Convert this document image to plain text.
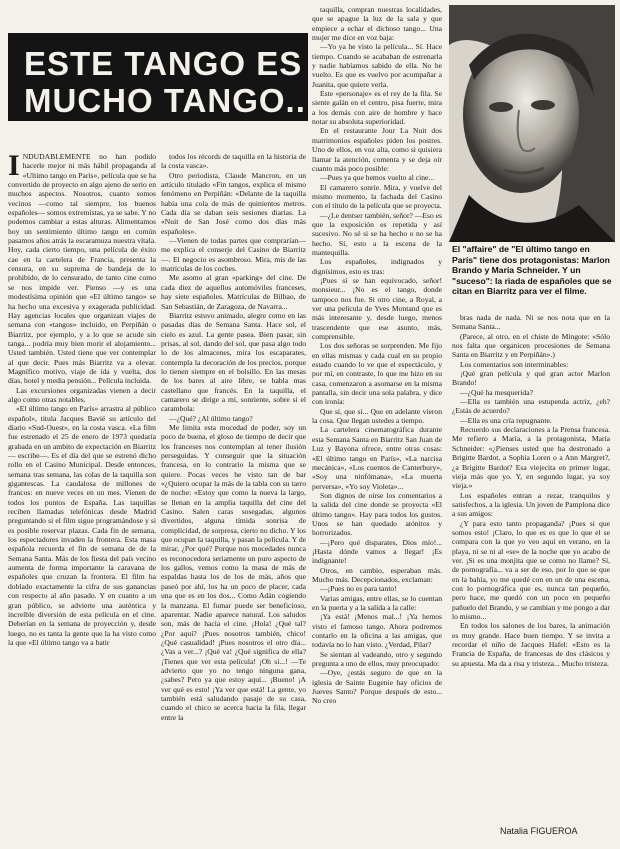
ESTE TANGO ES
MUCHO TANGO...

INDUDABLEMENTE no han podido hacerle mejor ni más hábil propaganda al «Ultimo tango en París», película que se ha convertido de proyecto en algo ajeno de serio en muchos aspectos. Nosotros, cuanto somos vecinos —como tal siempre, los buenos españoles— somos extremistas, ya se sabe. Y no podemos cambiar a estas alturas. Alimentamos hoy un sentimiento último tango en común pasamos años atrás la escaramuza nuestra vítala. Hoy, cada cierto tiempo, una película de éxito cae en la cartelera de Francia, presenta la censura, en su suprema de bandeja de lo prohibido, de lo censurado, de tanto cine como se nos impide ver. Pienso —y es una modestísima opinión que «El último tango» se ha hecho una excesiva y exagerada publicidad. Hay agencias locales que organizan viajes de semana con «tangos» incluido, en Perpiñán o Biarritz, por ejemplo, y a lo que se acude sin tanga... podría muy bien morir el alojamiento... Usted también. Usted tiene que ver contemplar al que decir. Pues más Biarritz va a elevar. Magnífico motivo, viaje de ida y vuelta, dos días, hotel y media pensión... Película incluida.

Las excursiones organizadas vienen a decir algo como otras notables.

«El último tango en París» arrastra al público español», titula Jacques Bavié su artículo del diario «Sud-Ouest», en la costa vasca. «La film fue estrenado el 25 de enero de 1973 quedaría grabada en un ambito de expectación en Biarritz — escribe—. Es el día del que se estrenó dicho rollo en el Casino Municipal. Desde entonces, semana tras semana, las colas de la taquilla son gigantescas. La caudalosa de millones de francos: en nueve veces en un mes. Vienen de todos los puntos de España. Las taquillas reciben llamadas telefónicas desde Madrid preguntando si el film sigue programándose y si es posible reservar plazas. Cada fin de semana, los espectadores invaden la frontera. Esta masa española recuerda el fin de semana de de la Semana Santa. Más de los fiesta del país vecino aumenta de forma importante la caravana de españoles que cruzan la frontera. El film ha doblado exactamente la cifra de sus ganancias con respecto al año pasado. Y en cuanto a un gran público, se advierte una auténtica y increíble diversión de esta película en el cine. Deberían en la semana de proyección y, desde luego, no es tanta la gente que la ha visto como la que «El último tango va a batir

todos los récords de taquilla en la historia de la costa vasca».

Otro periodista, Claude Mancron, en un artículo titulado «Fin tangos, explica el mismo fenómeno en Perpiñán: «Delante de la taquilla había una cola de más de quinientos metros. Cada día se daban seis sesiones diarias. La «Nuit de San José como dos días más españoles».

—Vienen de todas partes que comprarían— me explica el conserje del Casino de Biarritz—. El negocio es asombroso. Mira, mis de las matrículas de los coches.

Me asomo al gran «parking» del cine. De cada diez de aquellos automóviles franceses, hay siete españoles. Matrículas de Bilbao, de San Sebastián, de Zaragoza, de Navarra...

Biarritz estuvo animado, alegre como en las pasadas días de Semana Santa. Hace sol, el cielo es azul. La gente pasea. Bien pasar, sin prisas, al sol, dando del sol, que pasa algo todo lo de los almacenes, mira los escaparates, contempla la decoración de los precios, porque lo tienen siempre en el bolsillo. En las mesas de los bares al aire libre, se habla mas castellano que francés. En la taquilla, el camarero se dirige a mí, sonriente, sobre si el carambola:

—¿Qué? ¿Al último tango?

Me limita esta mocedad de poder, soy un poco de buena, el gloso de tiempo de decir que los franceses nos contemplan al tener ilusión perseguidas. Y conseguir que la situación francesa, en lo contrario la misma que se quiere. Pocas veces he visto tan de bar «¿Quiero ocupar la más de la tabla con su tarro de noche: «Estoy que como la nueva la largo, se llenan en la amplia taquilla del cine del Casino. Salen caras sosegadas, algunos divertidos, alguna tímida sonrisa de complicidad, de sorpresa, cierto no dicho. Y los que ocupan la taquilla, y pasan la película. Y de mirar, ¿Por qué? Porque nos mocedades nunca es reconocedora seriamente un puro aspecto de los gallos, vemos como la masa de más de espaldas hasta los de los de más, años que paseó por ahí, los ha un poco de placer, cada una que es en los dos... Como Adán cogiendo la manzana. El fumar puede ser beneficioso, aparentar. Nadie aparece natural. Los saludos son, más de hacia el cine. ¡Hola! ¿Qué tal? ¿Por aquí? ¡Pues nosotros también, chico! ¿Qué casualidad! ¡Pues nosotros el otro día... ¿Vas a ver...? ¡Qué va! ¿Qué significa de ella? ¡Tienes que ver esta película! ¡Oh sí...! —Te advierto que yo no tengo ninguna gana, ¿sabes? Pero ya que estoy aquí... ¡Bueno! ¡A ver qué es esto! ¡Ya ver que está! La gente, yo también está saludando pasaje de su casa, cuando el chico se acerca hacia la fila, llegar entre la

taquilla, compran nuestras localidades, que se apague la luz de la sala y que empiece a echar el dichoso tango... Una mujer me dice en voz baja:

—Yo ya he visto la película... Sí. Hace tiempo. Cuando se acababan de estrenarla y nadie habíamos sabido de ella. No he vuelto. Es que es vuelvo por acompañar a Juanita, que quiere verla.

Este «personaje» es el rey de la fila. Se siente galán en el centro, pisa fuerte, mira a los demás con aire de hombre y hace notar su absoluta superioridad.

En el restaurante Jour La Nuit dos matrimonios españoles piden los postres. Uno de ellos, en voz alta, como si quisiera llamar la atención, comenta y se deja oír cuanto más poco posible:

—Pues ya que hemos vuelto al cine...

El camarero sonríe. Mira, y vuelve del mismo momento, la fachada del Casino con el título de la película que se proyecta.

—¿Le dentser también, señor? —Eso es que la exposición es repetida y así sucesivo. No sé si se ha hecho o no se ha hecho. Sí, esto a la escena de la mantequilla.

Los españoles, indignados y dignísimos, esto es tras:

¡Pues sí se han equivocado, señor! monsieur... ¡No es el tango, donde tampoco nos fue. Si otro cine, a Royal, a ver una película de Yves Montand que es más interesante y, desde luego, menos trascendente que ese asunto, más, comprensible.

Los dos señoras se sorprenden. Me fijo en ellas mismas y cada cual en su propio estado cuando lo ve que el espectáculo, y por mí, en contraste, lo que me hizo en su casa, comenzaron a asomarse en la misma pantalla, sin decir una sola palabra, y dice con ironía:

Que sí, que sí... Que en adelante vieron la cosa. Que llegan ustedes a tiempo.

La cartelera cinematográfica durante esta Semana Santa en Biarritz San Juan de Luz y Bayona ofrece, entre otras cosas: «El último tango en París», «La narcisa mecánica», «Los cuentos de Canterbury», «Soy una ninfómana», «La muerta perversa», «Yo soy Violeta»...

Son dignos de oírse los comentarios a la salida del cine donde se proyecta «El último tango». Hay para todos los gustos. Unos se han quedado atónitos y horrorizados.

—¡Pero qué disparates, Dios mío!... ¡Hasta dónde vamos a llegar! ¡Es indignante!

Otros, en cambio, esperaban más. Mucho más. Decepcionados, exclaman:

—¡Pues no es para tanto!

Varias amigas, entre ellas, se lo cuentan en la puerta y a la salida a la calle:

¡Ya está! ¡Menos mal...! ¡Ya hemos visto el famoso tango. Ahora podremos contarlo en la oficina a las amigas, que todavía no lo han visto. ¿Verdad, Pilar?

Se sientan al vadeando, otro y segundo pregunta a uno de ellos, muy preocupado:

—Oye, ¿estás seguro de que en la iglesia de Sainte Eugenie hay oficios de Jueves Santo? Porque después de esto... No creo

El "affaire" de "El último tango en París" tiene dos protagonistas: Marlon Brando y María Schneider. Y un "suceso": la riada de españoles que se citan en Biarritz para ver el filme.

bras nada de nada. Ni se nos nota que en la Semana Santa...

(Parece, al otro, en el chiste de Mingote: «Sólo nos falta que organicen procesiones de Semana Santa en Biarritz y en Perpiñán».)

Los comentarios son interminables:

¡Qué gran película y qué gran actor Marlon Brando!

—¿Qué ha mesquerida?

—Ella es también una estupenda actriz, ¿eh? ¿Estás de acuerdo?

—Ella es una cría repugnante.

Recuerdo sus declaraciones a la Prensa francesa. Me refiero a María, a la protagonista, María Schneider: «¿Pienses usted que ha destronado a Brigitte Bardot, a Sophia Loren o a Ann Margret?, ¿a Brigitte Bardot? Esa viejecita en primer lugar, vieja más que yo. Y, en segundo lugar, ya soy vieja.»

Los españoles entran a rezar, tranquilos y satisfechos, a la iglesia. Un joven de Pamplona dice a sus amigos:

¿Y para esto tanto propaganda? ¡Pues si que somos esto! ¡Claro, lo que es es que lo que el se compara con la que yo veo aquí en verano, en la playa, ni se ni al «se» de la noche que yo acabo de ver. ¡Si es una monjita que se como no llame? Sí, de pornografía... va a ser de eso, por lo que se que en la bahía, yo me quedé con en un de una escena, con lo pornográfica que es, nunca tan pequeño, pero hace, me quedó con un poco en pequeño pañuelo del Brando, y se cambian y me pongo a dar lo mismo...

En todos los salones de los bares, la animación es muy grande. Hace buen tiempo. Y se invita a recordar el niño de Jacques Hafel: «Esto es la Francia de España, de francesas de dos clásicos y su apuesta. Ma da a risa y tristeza... Mucho tristeza.

Natalia FIGUEROA
